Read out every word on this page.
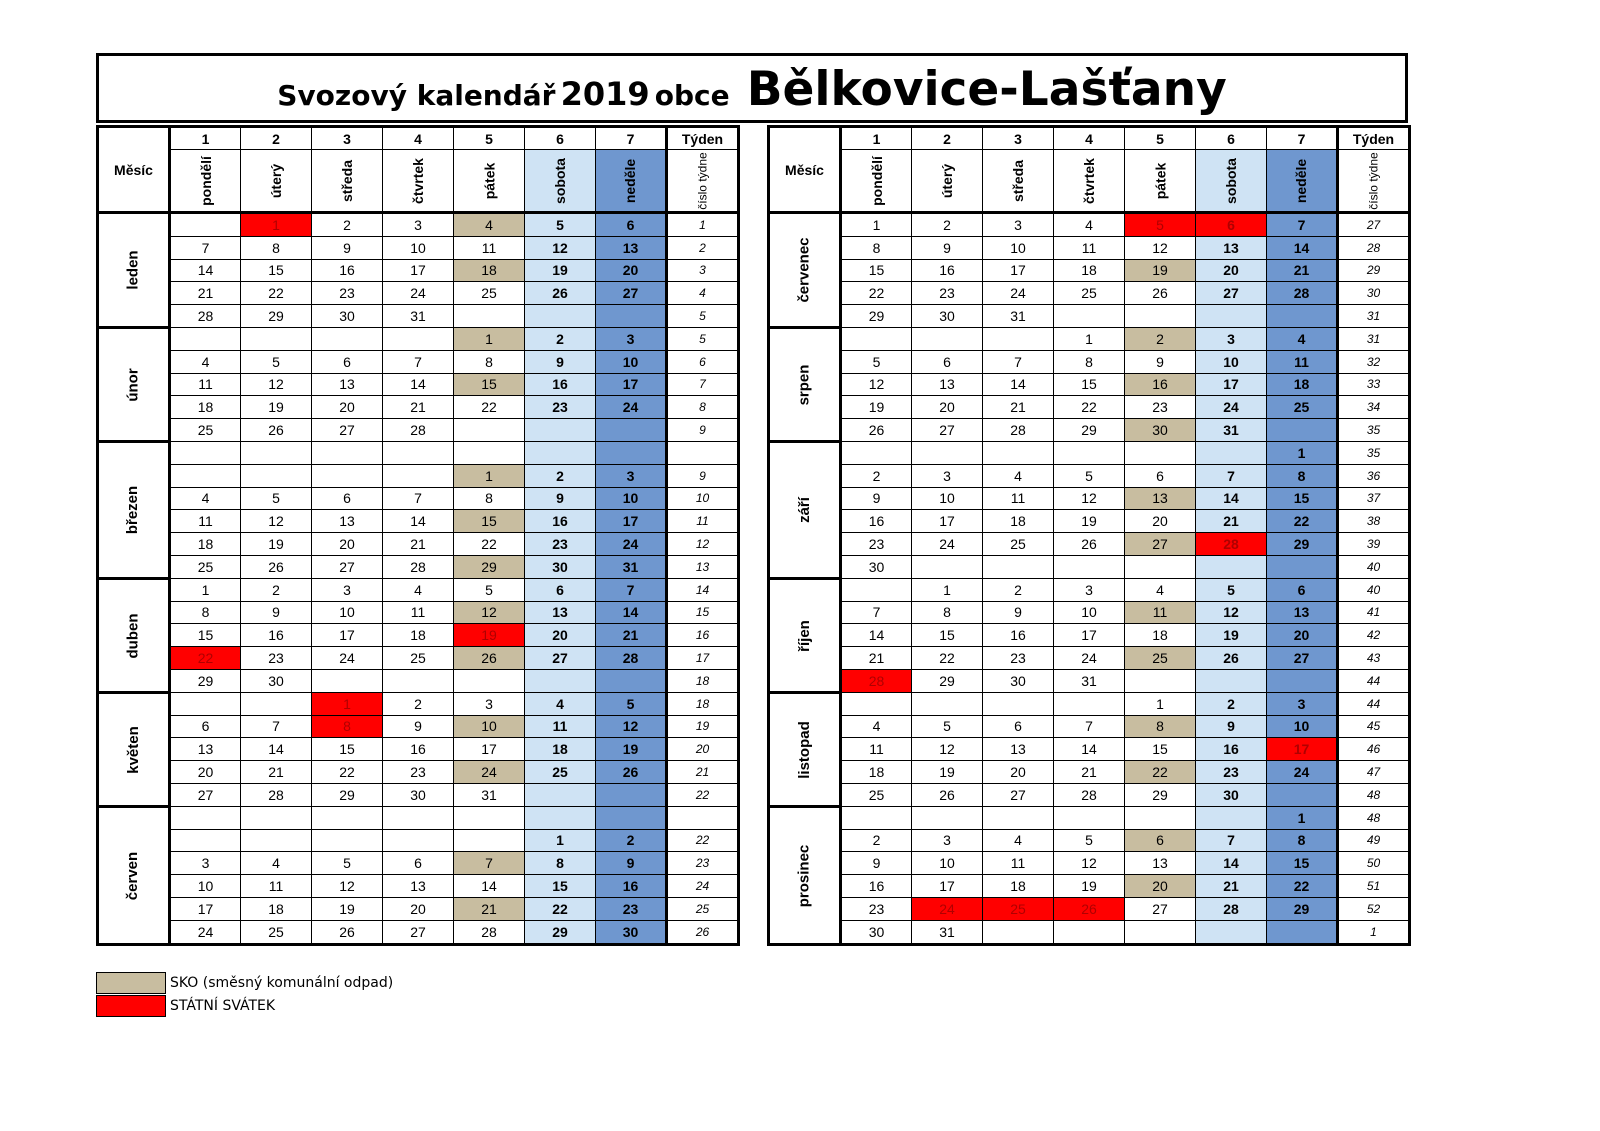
Svozový kalendář 2019 obce Bělkovice-Lašťany
Měsíc	1	2	3	4	5	6	7	Týden
	pondělí	úterý	středa	čtvrtek	pátek	sobota	neděle	číslo týdne
leden		1	2	3	4	5	6	1
	7	8	9	10	11	12	13	2
	14	15	16	17	18	19	20	3
	21	22	23	24	25	26	27	4
	28	29	30	31				5
únor					1	2	3	5
	4	5	6	7	8	9	10	6
	11	12	13	14	15	16	17	7
	18	19	20	21	22	23	24	8
	25	26	27	28				9
březen								
					1	2	3	9
	4	5	6	7	8	9	10	10
	11	12	13	14	15	16	17	11
	18	19	20	21	22	23	24	12
	25	26	27	28	29	30	31	13
duben	1	2	3	4	5	6	7	14
	8	9	10	11	12	13	14	15
	15	16	17	18	19	20	21	16
	22	23	24	25	26	27	28	17
	29	30						18
květen			1	2	3	4	5	18
	6	7	8	9	10	11	12	19
	13	14	15	16	17	18	19	20
	20	21	22	23	24	25	26	21
	27	28	29	30	31			22
červen								
						1	2	22
	3	4	5	6	7	8	9	23
	10	11	12	13	14	15	16	24
	17	18	19	20	21	22	23	25
	24	25	26	27	28	29	30	26
Měsíc	1	2	3	4	5	6	7	Týden
	pondělí	úterý	středa	čtvrtek	pátek	sobota	neděle	číslo týdne
červenec	1	2	3	4	5	6	7	27
	8	9	10	11	12	13	14	28
	15	16	17	18	19	20	21	29
	22	23	24	25	26	27	28	30
	29	30	31					31
srpen				1	2	3	4	31
	5	6	7	8	9	10	11	32
	12	13	14	15	16	17	18	33
	19	20	21	22	23	24	25	34
	26	27	28	29	30	31		35
září							1	35
	2	3	4	5	6	7	8	36
	9	10	11	12	13	14	15	37
	16	17	18	19	20	21	22	38
	23	24	25	26	27	28	29	39
	30							40
říjen		1	2	3	4	5	6	40
	7	8	9	10	11	12	13	41
	14	15	16	17	18	19	20	42
	21	22	23	24	25	26	27	43
	28	29	30	31				44
listopad					1	2	3	44
	4	5	6	7	8	9	10	45
	11	12	13	14	15	16	17	46
	18	19	20	21	22	23	24	47
	25	26	27	28	29	30		48
prosinec							1	48
	2	3	4	5	6	7	8	49
	9	10	11	12	13	14	15	50
	16	17	18	19	20	21	22	51
	23	24	25	26	27	28	29	52
	30	31						1
SKO (směsný komunální odpad)
STÁTNÍ SVÁTEK
